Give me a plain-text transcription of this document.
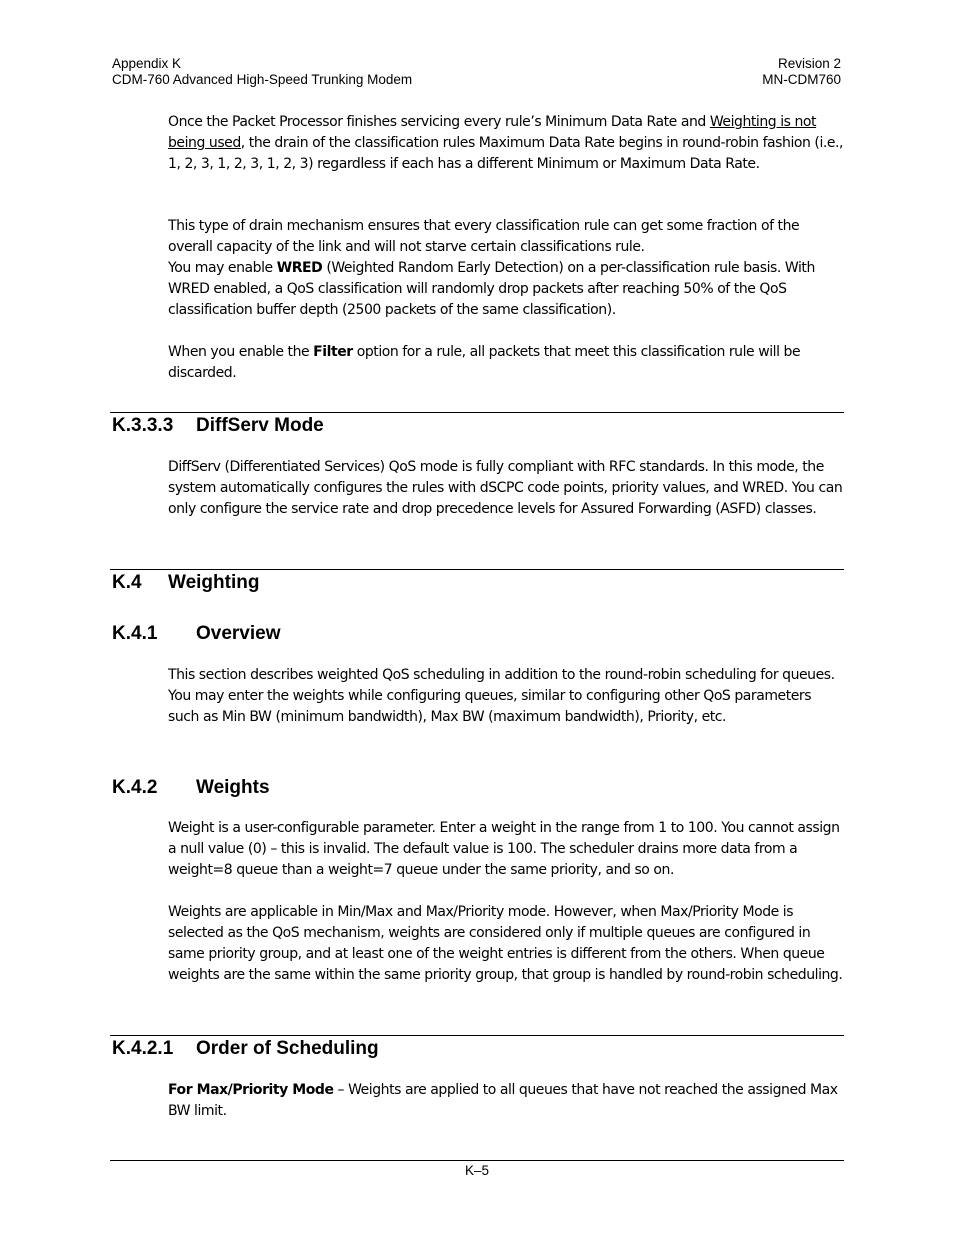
Appendix K
CDM-760 Advanced High-Speed Trunking Modem
Revision 2
MN-CDM760

Once the Packet Processor finishes servicing every rule’s Minimum Data Rate and Weighting is not being used, the drain of the classification rules Maximum Data Rate begins in round-robin fashion (i.e., 1, 2, 3, 1, 2, 3, 1, 2, 3) regardless if each has a different Minimum or Maximum Data Rate.

This type of drain mechanism ensures that every classification rule can get some fraction of the overall capacity of the link and will not starve certain classifications rule.
You may enable WRED (Weighted Random Early Detection) on a per-classification rule basis. With WRED enabled, a QoS classification will randomly drop packets after reaching 50% of the QoS classification buffer depth (2500 packets of the same classification).

When you enable the Filter option for a rule, all packets that meet this classification rule will be discarded.

K.3.3.3 DiffServ Mode

DiffServ (Differentiated Services) QoS mode is fully compliant with RFC standards. In this mode, the system automatically configures the rules with dSCPC code points, priority values, and WRED. You can only configure the service rate and drop precedence levels for Assured Forwarding (ASFD) classes.

K.4 Weighting
K.4.1 Overview

This section describes weighted QoS scheduling in addition to the round-robin scheduling for queues. You may enter the weights while configuring queues, similar to configuring other QoS parameters such as Min BW (minimum bandwidth), Max BW (maximum bandwidth), Priority, etc.

K.4.2 Weights

Weight is a user-configurable parameter. Enter a weight in the range from 1 to 100. You cannot assign a null value (0) – this is invalid. The default value is 100. The scheduler drains more data from a weight=8 queue than a weight=7 queue under the same priority, and so on.

Weights are applicable in Min/Max and Max/Priority mode. However, when Max/Priority Mode is selected as the QoS mechanism, weights are considered only if multiple queues are configured in same priority group, and at least one of the weight entries is different from the others. When queue weights are the same within the same priority group, that group is handled by round-robin scheduling.

K.4.2.1 Order of Scheduling

For Max/Priority Mode – Weights are applied to all queues that have not reached the assigned Max BW limit.

K–5
